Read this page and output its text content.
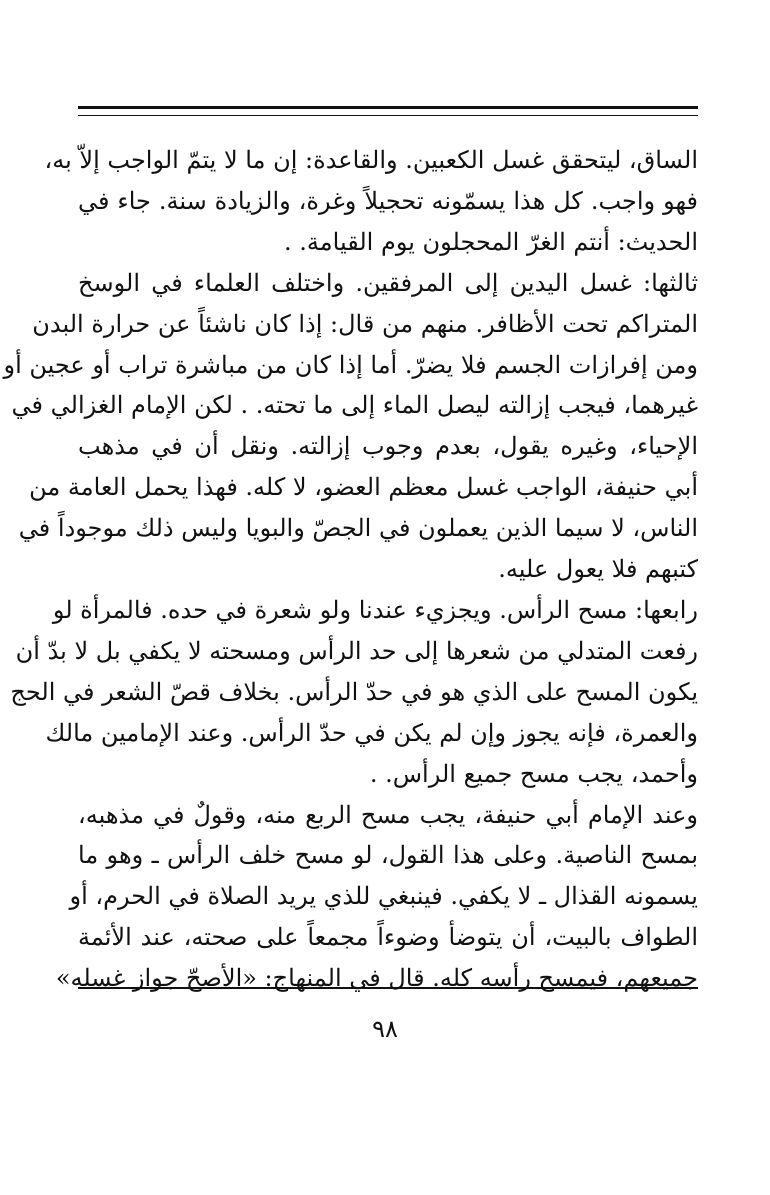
الساق، ليتحقق غسل الكعبين. والقاعدة: إن ما لا يتمّ الواجب إلاّ به،
فهو واجب. كل هذا يسمّونه تحجيلاً وغرة، والزيادة سنة. جاء في
الحديث: أنتم الغرّ المحجلون يوم القيامة. .
ثالثها: غسل اليدين إلى المرفقين. واختلف العلماء في الوسخ
المتراكم تحت الأظافر. منهم من قال: إذا كان ناشئاً عن حرارة البدن
ومن إفرازات الجسم فلا يضرّ. أما إذا كان من مباشرة تراب أو عجين أو
غيرهما، فيجب إزالته ليصل الماء إلى ما تحته. . لكن الإمام الغزالي في
الإحياء، وغيره يقول، بعدم وجوب إزالته. ونقل أن في مذهب
أبي حنيفة، الواجب غسل معظم العضو، لا كله. فهذا يحمل العامة من
الناس، لا سيما الذين يعملون في الجصّ والبويا وليس ذلك موجوداً في
كتبهم فلا يعول عليه.
رابعها: مسح الرأس. ويجزيء عندنا ولو شعرة في حده. فالمرأة لو
رفعت المتدلي من شعرها إلى حد الرأس ومسحته لا يكفي بل لا بدّ أن
يكون المسح على الذي هو في حدّ الرأس. بخلاف قصّ الشعر في الحج
والعمرة، فإنه يجوز وإن لم يكن في حدّ الرأس. وعند الإمامين مالك
وأحمد، يجب مسح جميع الرأس. .
وعند الإمام أبي حنيفة، يجب مسح الربع منه، وقولٌ في مذهبه،
بمسح الناصية. وعلى هذا القول، لو مسح خلف الرأس ـ وهو ما
يسمونه القذال ـ لا يكفي. فينبغي للذي يريد الصلاة في الحرم، أو
الطواف بالبيت، أن يتوضأ وضوءاً مجمعاً على صحته، عند الأئمة
جميعهم، فيمسح رأسه كله. قال في المنهاج: «الأصحّ جواز غسله»
٩٨
